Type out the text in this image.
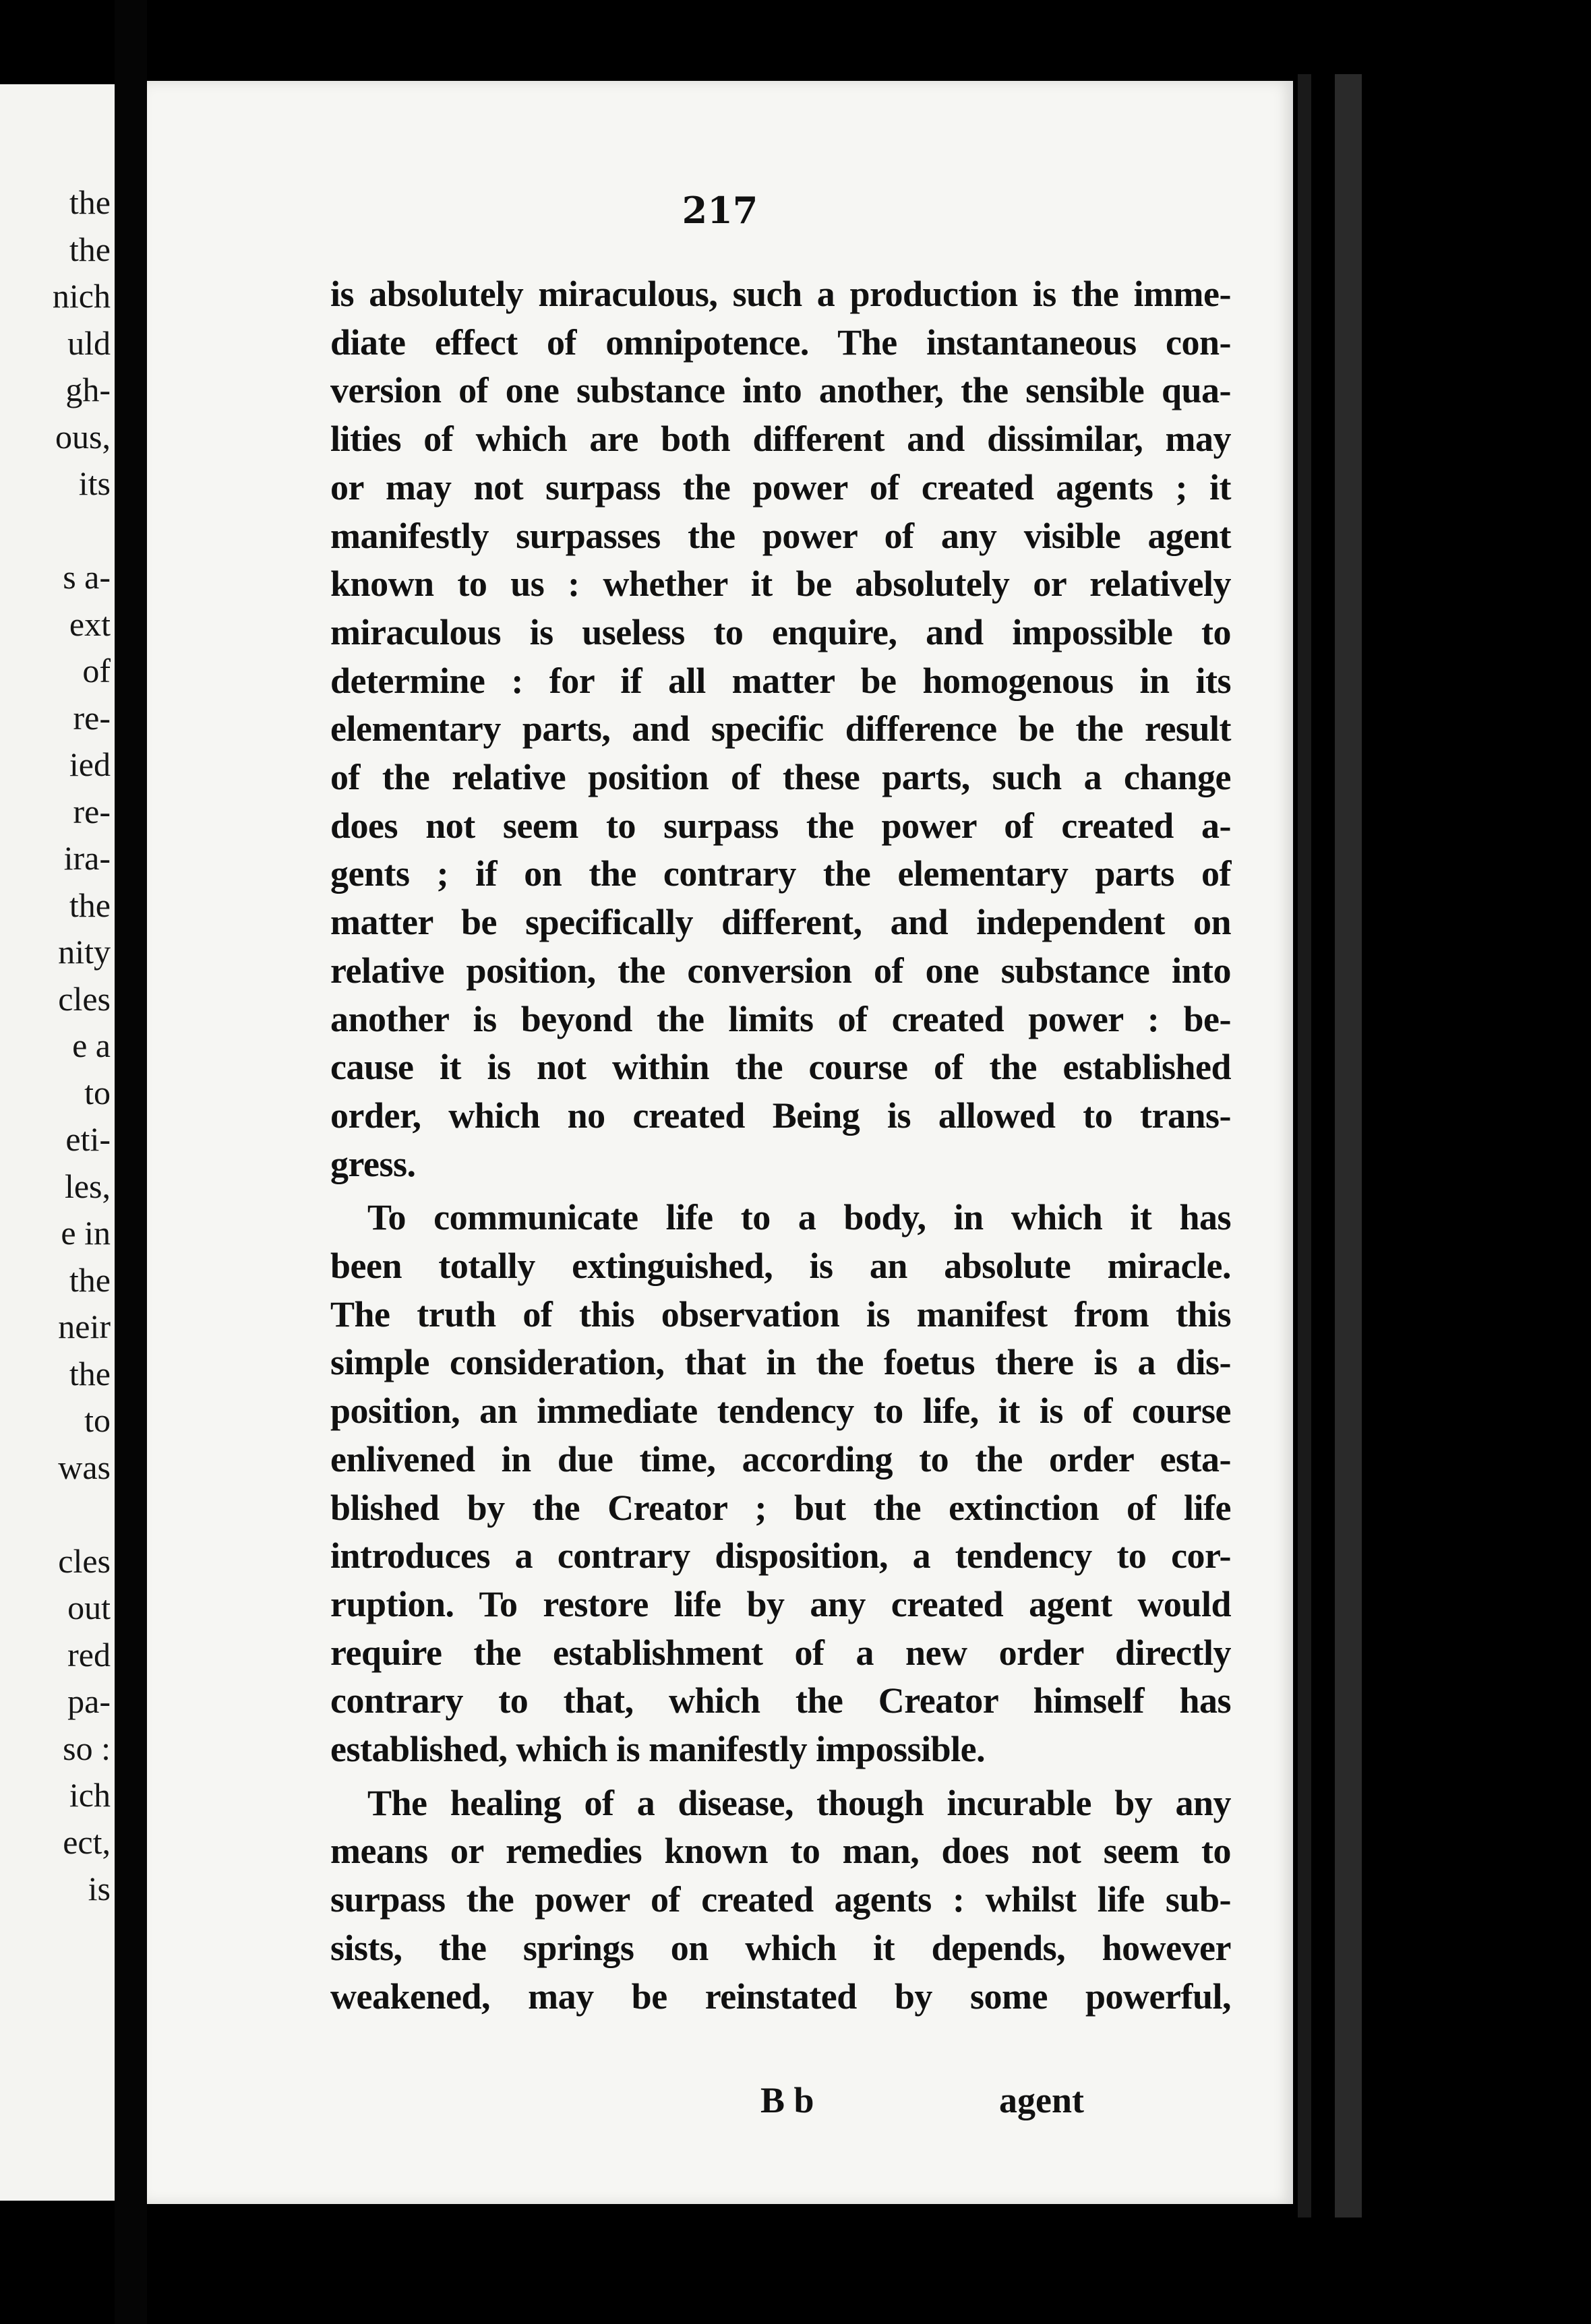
the
the
nich
uld
gh-
ous,
its
s a-
ext
of
re-
ied
re-
ira-
the
nity
cles
e a
to
eti-
les,
e in
the
neir
the
to
was
cles
out
red
pa-
so :
ich
ect,
is
217
B b	agent
is absolutely miraculous, such a production is the imme-
diate effect of omnipotence. The instantaneous con-
version of one substance into another, the sensible qua-
lities of which are both different and dissimilar, may
or may not surpass the power of created agents ; it
manifestly surpasses the power of any visible agent
known to us : whether it be absolutely or relatively
miraculous is useless to enquire, and impossible to
determine : for if all matter be homogenous in its
elementary parts, and specific difference be the result
of the relative position of these parts, such a change
does not seem to surpass the power of created a-
gents ; if on the contrary the elementary parts of
matter be specifically different, and independent on
relative position, the conversion of one substance into
another is beyond the limits of created power : be-
cause it is not within the course of the established
order, which no created Being is allowed to trans-
gress.
To communicate life to a body, in which it has
been totally extinguished, is an absolute miracle.
The truth of this observation is manifest from this
simple consideration, that in the foetus there is a dis-
position, an immediate tendency to life, it is of course
enlivened in due time, according to the order esta-
blished by the Creator ; but the extinction of life
introduces a contrary disposition, a tendency to cor-
ruption. To restore life by any created agent would
require the establishment of a new order directly
contrary to that, which the Creator himself has
established, which is manifestly impossible.
The healing of a disease, though incurable by any
means or remedies known to man, does not seem to
surpass the power of created agents : whilst life sub-
sists, the springs on which it depends, however
weakened, may be reinstated by some powerful,
